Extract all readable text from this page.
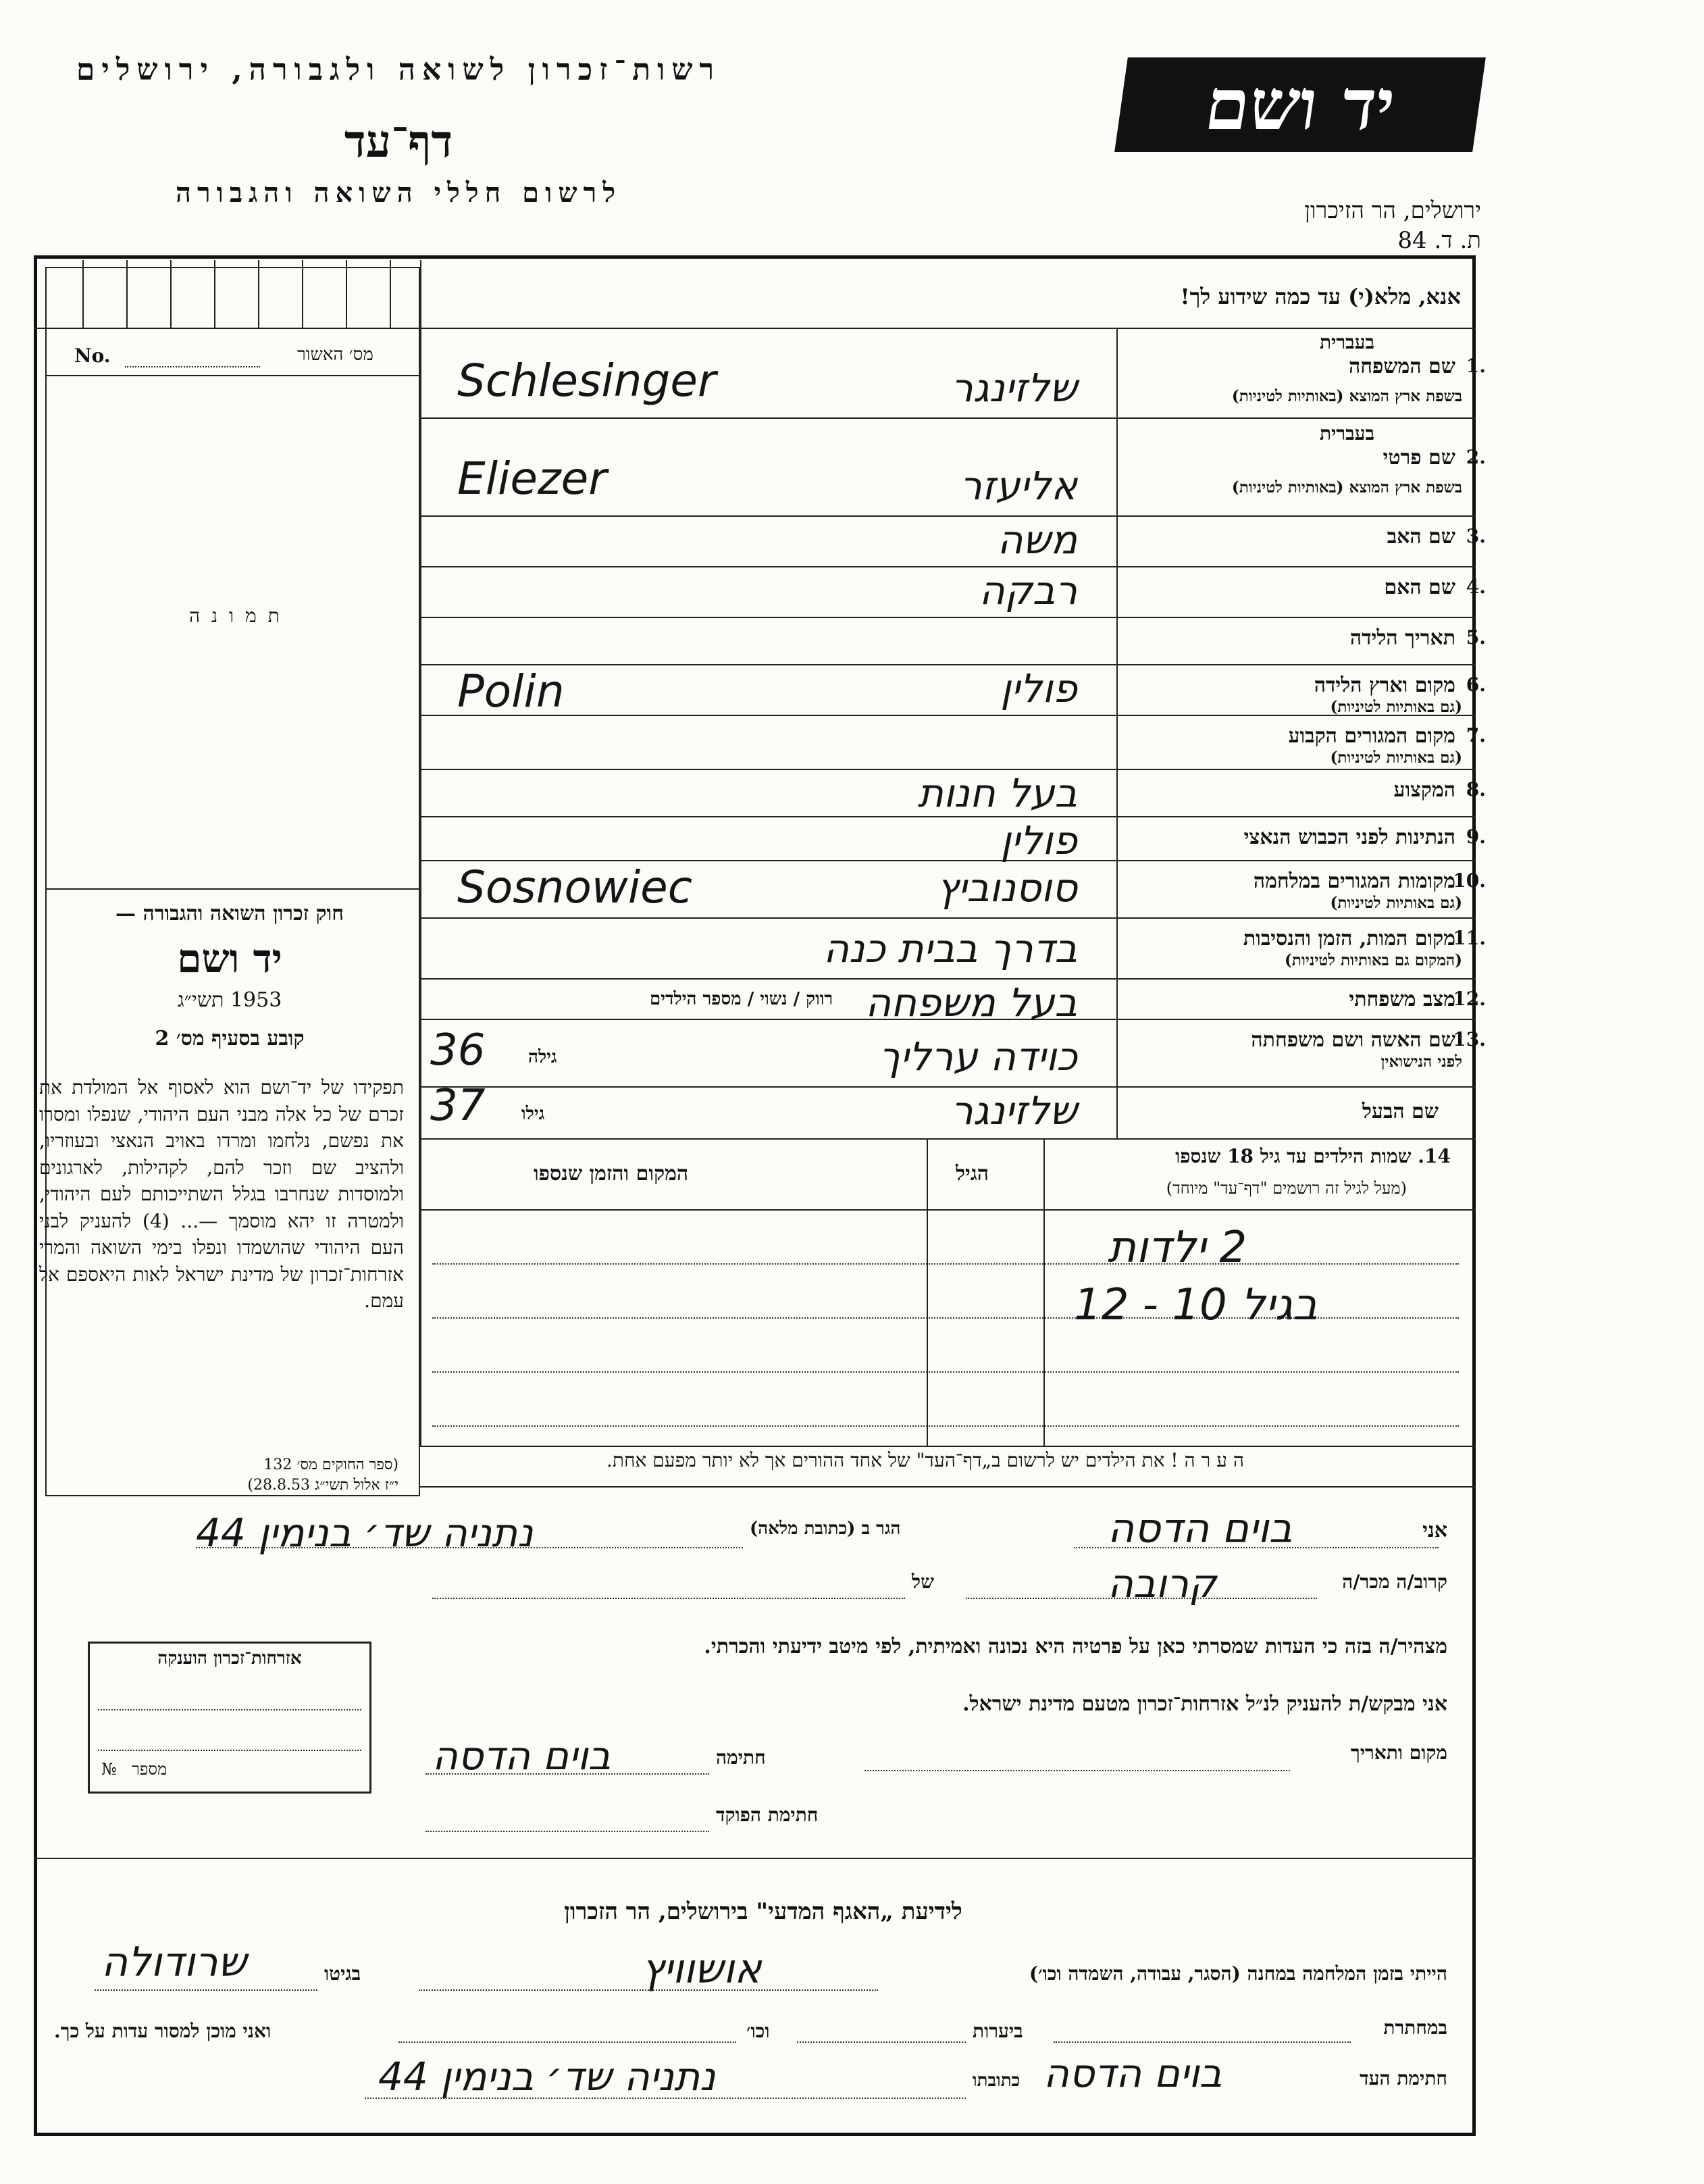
רשות־זכרון לשואה ולגבורה, ירושלים
דף־עד
לרשום חללי השואה והגבורה
יד ושם
ירושלים, הר הזיכרון
ת. ד. 84
אנא, מלא(י) עד כמה שידוע לך!
No.	מס׳ האשור
ת מ ו נ ה
חוק זכרון השואה והגבורה —
יד ושם
1953 תשי״ג
קובע בסעיף מס׳ 2
תפקידו של יד־ושם הוא לאסוף אל המולדת את זכרם של כל אלה מבני העם היהודי, שנפלו ומסרו את נפשם, נלחמו ומרדו באויב הנאצי ובעוזריו, ולהציב שם וזכר להם, לקהילות, לארגונים ולמוסדות שנחרבו בגלל השתייכותם לעם היהודי, ולמטרה זו יהא מוסמך —... (4) להעניק לבני העם היהודי שהושמדו ונפלו בימי השואה והמרי אזרחות־זכרון של מדינת ישראל לאות היאספם אל עמם.
(ספר החוקים מס׳ 132
י״ז אלול תשי״ג 28.8.53)
שם המשפחה 1.
בעברית
בשפת ארץ המוצא (באותיות לטיניות)
שלזינגר
Schlesinger
שם פרטי 2.
בעברית
בשפת ארץ המוצא (באותיות לטיניות)
אליעזר
Eliezer
שם האב 3.
משה
שם האם 4.
רבקה
תאריך הלידה 5.
מקום וארץ הלידה 6.
(גם באותיות לטיניות)
פולין
Polin
מקום המגורים הקבוע 7.
(גם באותיות לטיניות)
המקצוע 8.
בעל חנות
הנתינות לפני הכבוש הנאצי 9.
פולין
מקומות המגורים במלחמה
10.
(גם באותיות לטיניות)
סוסנוביץ
Sosnowiec
מקום המות, הזמן והנסיבות
11.
(המקום גם באותיות לטיניות)
בדרך בבית כנה
מצב משפחתי
12.
בעל משפחה
רווק / נשוי / מספר הילדים
שם האשה ושם משפחתה
13.
לפני הנישואין
כוידה ערליך
גילה
36
שם הבעל
שלזינגר
גילו
37
14. שמות הילדים עד גיל 18 שנספו
(מעל לגיל זה רושמים "דף־עד" מיוחד)
הגיל
המקום והזמן שנספו
2 ילדות
בגיל 10 - 12
ה ע ר ה ! את הילדים יש לרשום ב„דף־העד" של אחד ההורים אך לא יותר מפעם אחת.
אני
בוים הדסה
הגר ב (כתובת מלאה)
נתניה שד׳ בנימין 44
קרוב/ה מכר/ה
קרובה
של
מצהיר/ה בזה כי העדות שמסרתי כאן על פרטיה היא נכונה ואמיתית, לפי מיטב ידיעתי והכרתי.
אני מבקש/ת להעניק לנ״ל אזרחות־זכרון מטעם מדינת ישראל.
מקום ותאריך
חתימה
בוים הדסה
חתימת הפוקד
אזרחות־זכרון הוענקה
№ מספר
לידיעת „האגף המדעי" בירושלים, הר הזכרון
הייתי בזמן המלחמה במחנה (הסגר, עבודה, השמדה וכו׳)
אושוויץ
בגיטו
שרודולה
במחתרת
ביערות
וכו׳
ואני מוכן למסור עדות על כך.
חתימת העד
בוים הדסה
כתובתו
נתניה שד׳ בנימין 44
